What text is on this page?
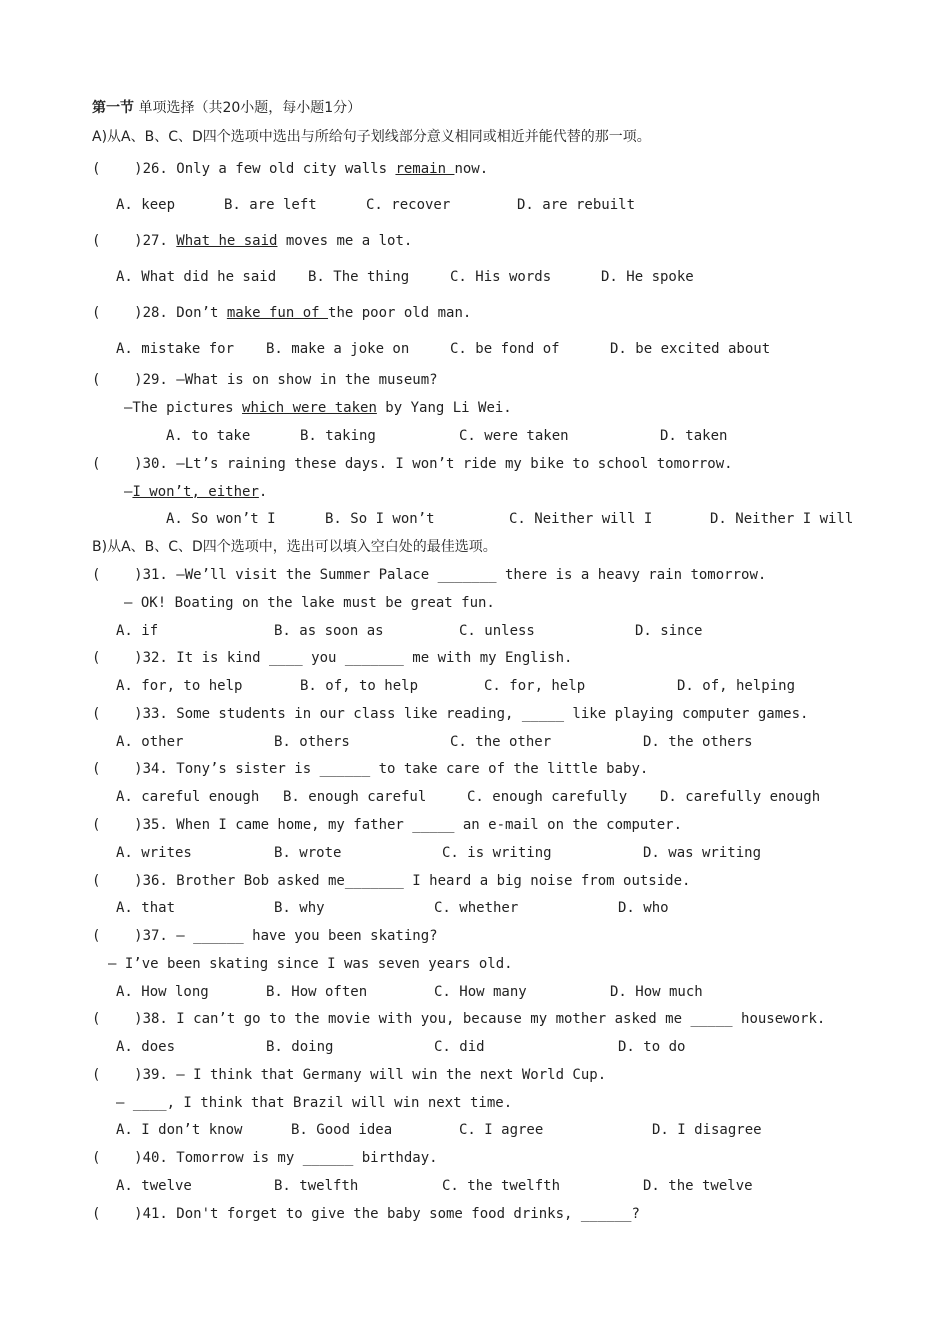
第一节 单项选择（共20小题，每小题1分）
A)从A、B、C、D四个选项中选出与所给句子划线部分意义相同或相近并能代替的那一项。
(    )26. Only a few old city walls remain now.
A. keep	B. are left	C. recover	D. are rebuilt
(    )27. What he said moves me a lot.
A. What did he said B. The thing	C. His words	D. He spoke
(    )28. Don’t make fun of the poor old man.
A. mistake for B. make a joke on	C. be fond of	D. be excited about
(    )29. —What is on show in the museum?
—The pictures which were taken by Yang Li Wei.
A. to take	B. taking	C. were taken	D. taken
(    )30. —Lt’s raining these days. I won’t ride my bike to school tomorrow.
—I won’t, either.
A. So won’t I	B. So I won’t	C. Neither will I	D. Neither I will
B)从A、B、C、D四个选项中，选出可以填入空白处的最佳选项。
(    )31. —We’ll visit the Summer Palace _______ there is a heavy rain tomorrow.
— OK! Boating on the lake must be great fun.
A. if	B. as soon as	C. unless	D. since
(    )32. It is kind ____ you _______ me with my English.
A. for, to help	B. of, to help	C. for, help	D. of, helping
(    )33. Some students in our class like reading, _____ like playing computer games.
A. other	B. others	C. the other	D. the others
(    )34. Tony’s sister is ______ to take care of the little baby.
A. careful enough B. enough careful	C. enough carefully D. carefully enough
(    )35. When I came home, my father _____ an e-mail on the computer.
A. writes	B. wrote	C. is writing	D. was writing
(    )36. Brother Bob asked me_______ I heard a big noise from outside.
A. that	B. why	C. whether	D. who
(    )37. — ______ have you been skating?
— I’ve been skating since I was seven years old.
A. How long	B. How often	C. How many	D. How much
(    )38. I can’t go to the movie with you, because my mother asked me _____ housework.
A. does	B. doing	C. did	D. to do
(    )39. — I think that Germany will win the next World Cup.
— ____, I think that Brazil will win next time.
A. I don’t know	B. Good idea	C. I agree	D. I disagree
(    )40. Tomorrow is my ______ birthday.
A. twelve	B. twelfth	C. the twelfth	D. the twelve
(    )41. Don't forget to give the baby some food drinks, ______?
